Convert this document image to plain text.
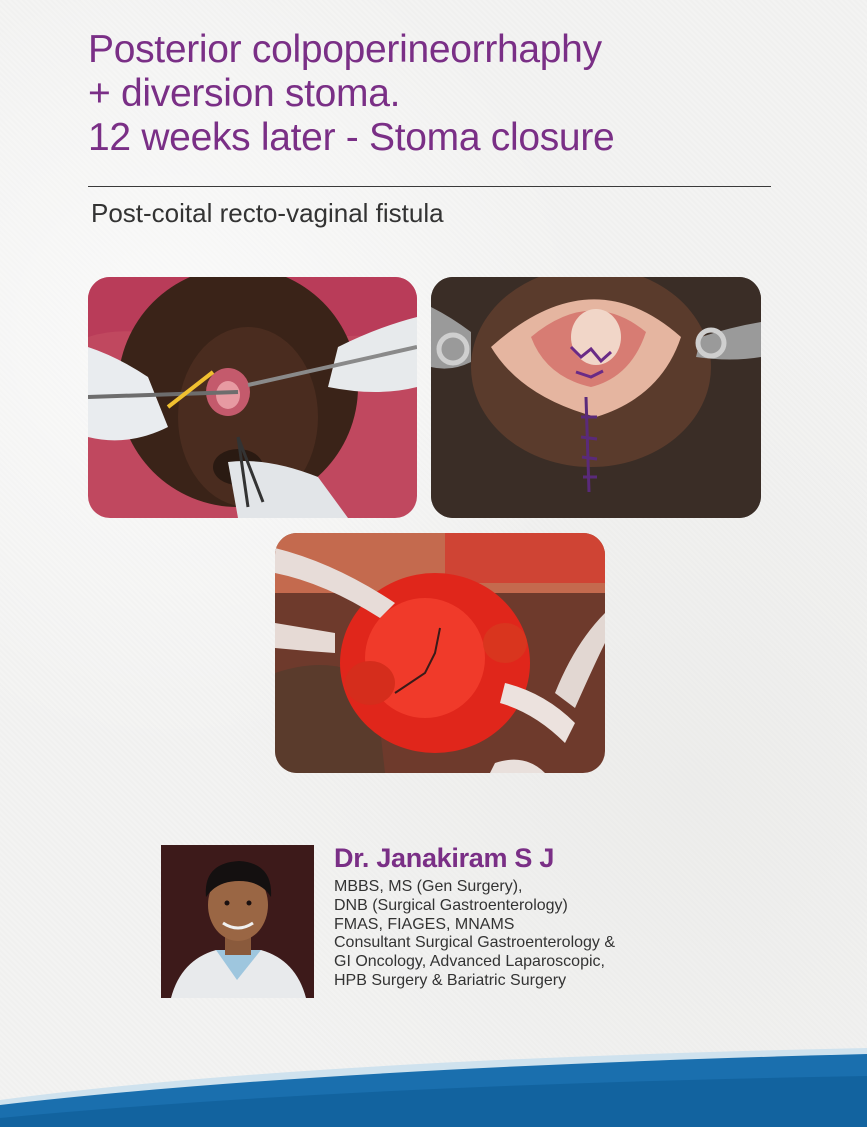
Posterior colpoperineorrhaphy
+ diversion stoma.
12 weeks later - Stoma closure
Post-coital recto-vaginal fistula
Dr. Janakiram S J
MBBS, MS (Gen Surgery),
DNB (Surgical Gastroenterology)
FMAS, FIAGES, MNAMS
Consultant Surgical Gastroenterology &
GI Oncology, Advanced Laparoscopic,
HPB Surgery & Bariatric Surgery
